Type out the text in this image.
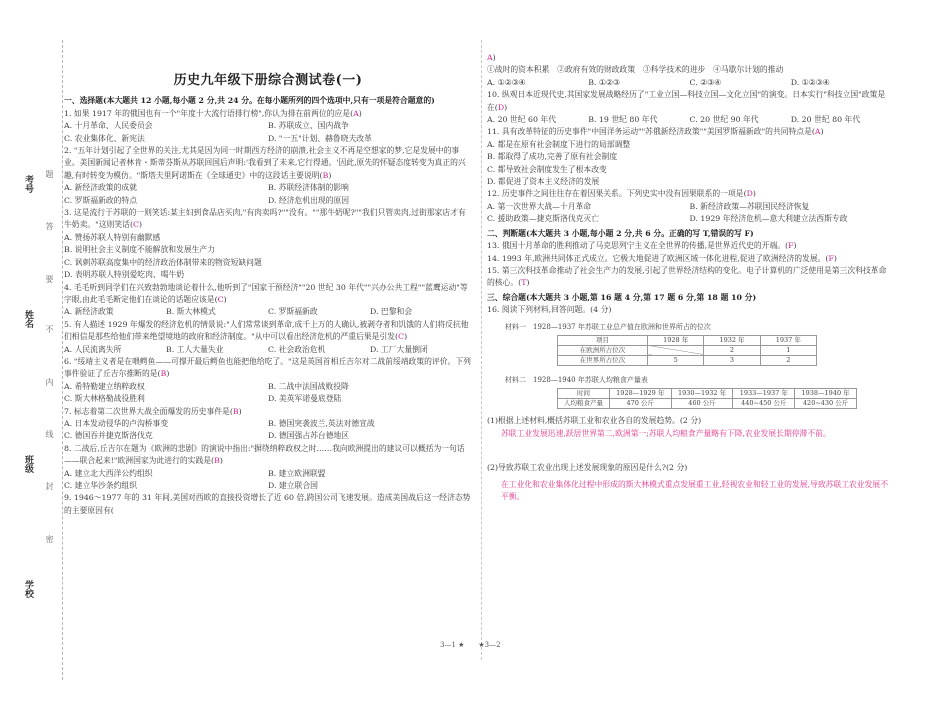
考号
姓名
班级
学校
密
封
线
内
不
要
答
题
历史九年级下册综合测试卷(一)
一、选择题(本大题共 12 小题,每小题 2 分,共 24 分。在每小题所列的四个选项中,只有一项是符合题意的)
1. 如果 1917 年的俄国也有一个"年度十大流行语排行榜",你认为排在前两位的应是(A)
A. 十月革命、人民委员会	B. 苏联成立、国内战争
C. 农业集体化、新宪法	D. "一五"计划、赫鲁晓夫改革
2. "五年计划引起了全世界的关注,尤其是因为同一时期西方经济的崩溃,社会主义不再是空想家的梦,它是发展中的事业。美国新闻记者林肯・斯蒂芬斯从苏联回国后声明:'我看到了未来,它行得通。'因此,原先的怀疑态度转变为真正的兴趣,有时转变为模仿。"斯塔夫里阿诺斯在《全球通史》中的这段话主要说明(B)
A. 新经济政策的成就	B. 苏联经济体制的影响
C. 罗斯福新政的特点	D. 经济危机出现的原因
3. 这是流行于苏联的一则笑话:某主妇到食品店买肉,"有肉卖吗?""没有。""那牛奶呢?""我们只管卖肉,过街那家店才有牛奶卖。"这则笑话(C)
A. 赞扬苏联人特别有幽默感
B. 说明社会主义制度不能解放和发展生产力
C. 讽刺苏联高度集中的经济政治体制带来的物资短缺问题
D. 表明苏联人特别爱吃肉、喝牛奶
4. 毛毛听到同学们在兴致勃勃地谈论着什么,他听到了"国家干预经济""20 世纪 30 年代""兴办公共工程""蓝鹰运动"等字眼,由此毛毛断定他们在谈论的话题应该是(C)
A. 新经济政策	B. 斯大林模式	C. 罗斯福新政	D. 巴黎和会
5. 有人描述 1929 年爆发的经济危机的情景说:"人们常常谈到革命,成千上万的人确认,被剥夺者和饥饿的人们将反抗他们相信是那些给他们带来绝望境地的政府和经济制度。"从中可以看出经济危机的严重后果是引发(C)
A. 人民流离失所	B. 工人大量失业	C. 社会政治危机	D. 工厂大量倒闭
6. "绥靖主义者是在喂鳄鱼——可撑开最后鳄鱼也能把他给吃了。"这是英国首相丘吉尔对二战前绥靖政策的评价。下列事件验证了丘吉尔推断的是(B)
A. 希特勒建立纳粹政权	B. 二战中法国战败投降
C. 斯大林格勒战役胜利	D. 美英军诺曼底登陆
7. 标志着第二次世界大战全面爆发的历史事件是(B)
A. 日本发动侵华的卢沟桥事变	B. 德国突袭波兰,英法对德宣战
C. 德国吞并捷克斯洛伐克	D. 德国强占苏台德地区
8. 二战后,丘吉尔在题为《欧洲的悲剧》的演说中指出:"摒绕纳粹政权之时……我向欧洲提出的建议可以概括为一句话——联合起来!"欧洲国家为此进行的实践是(B)
A. 建立北大西洋公约组织	B. 建立欧洲联盟
C. 建立华沙条约组织	D. 建立联合国
9. 1946～1977 年的 31 年间,美国对西欧的直接投资增长了近 60 倍,跨国公司飞速发展。造成美国战后这一经济态势的主要原因有(
A)
①战时的资本积累　②政府有效的财政政策　③科学技术的进步　④马歇尔计划的推动
A. ①②③④	B. ①②③	C. ②③④	D. ①②③④
10. 纵观日本近现代史,其国家发展战略经历了"工业立国—科技立国—文化立国"的演变。日本实行"科技立国"政策是在(D)
A. 20 世纪 60 年代	B. 19 世纪 80 年代	C. 20 世纪 90 年代	D. 20 世纪 80 年代
11. 具有改革特征的历史事件"中国洋务运动""苏俄新经济政策""美国罗斯福新政"的共同特点是(A)
A. 都是在原有社会制度下进行的局部调整
B. 都取得了成功,完善了原有社会制度
C. 都导致社会制度发生了根本改变
D. 都促进了资本主义经济的发展
12. 历史事件之间往往存在着因果关系。下列史实中没有因果联系的一项是(D)
A. 第一次世界大战—十月革命	B. 新经济政策—苏联国民经济恢复
C. 援助政策—捷克斯洛伐克灭亡	D. 1929 年经济危机—意大利建立法西斯专政
二、判断题(本大题共 3 小题,每小题 2 分,共 6 分。正确的写 T,错误的写 F)
13. 俄国十月革命的胜利推动了马克思列宁主义在全世界的传播,是世界近代史的开端。(F)
14. 1993 年,欧洲共同体正式成立。它极大地促进了欧洲区域一体化进程,促进了欧洲经济的发展。(F)
15. 第三次科技革命推动了社会生产力的发展,引起了世界经济结构的变化。电子计算机的广泛使用是第三次科技革命的核心。(T)
三、综合题(本大题共 3 小题,第 16 题 4 分,第 17 题 6 分,第 18 题 10 分)
16. 阅读下列材料,回答问题。(4 分)
材料一　1928—1937 年苏联工业总产值在欧洲和世界所占的位次
项目	1928 年	1932 年	1937 年
在欧洲所占位次		2	1
在世界所占位次	5	3	2
材料二　1928—1940 年苏联人均粮食产量表
时间	1928—1929 年	1930—1932 年	1933—1937 年	1938—1940 年
人均粮食产量	470 公斤	460 公斤	440~450 公斤	420~430 公斤
(1)根据上述材料,概括苏联工业和农业各自的发展趋势。(2 分)
苏联工业发展迅速,跃居世界第二,欧洲第一;苏联人均粮食产量略有下降,农业发展长期停滞不前。
(2)导致苏联工农业出现上述发展现象的原因是什么?(2 分)
在工业化和农业集体化过程中形成的斯大林模式重点发展重工业,轻视农业和轻工业的发展,导致苏联工农业发展不平衡。
3—1 ★　　★3—2
